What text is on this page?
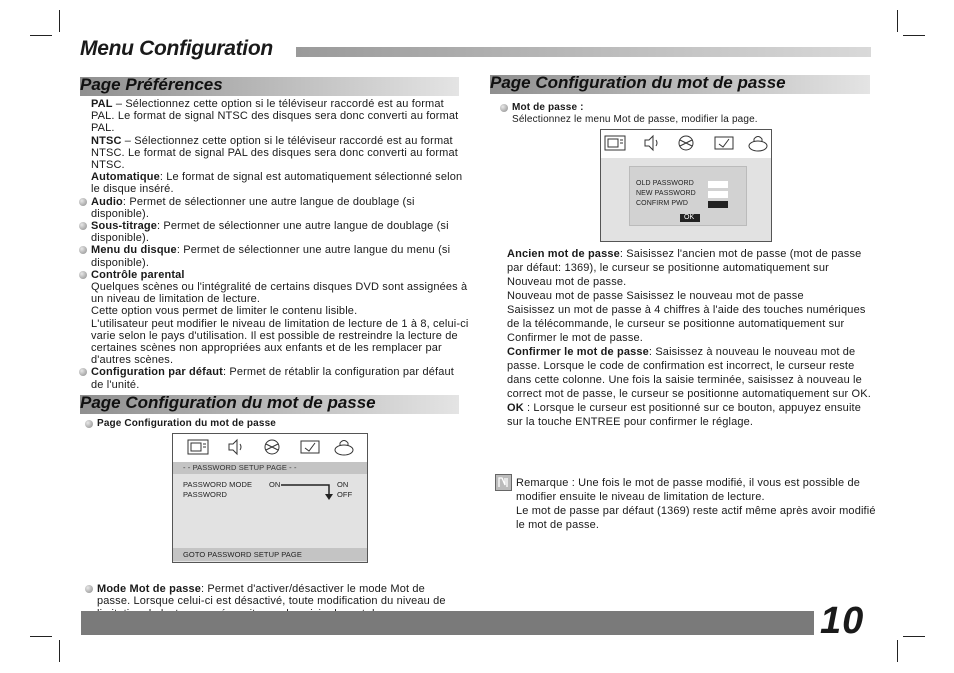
Menu Configuration
Page Préférences

PAL – Sélectionnez cette option si le téléviseur raccordé est au format PAL. Le format de signal NTSC des disques sera donc converti au format PAL.

NTSC – Sélectionnez cette option si le téléviseur raccordé est au format NTSC. Le format de signal PAL des disques sera donc converti au format NTSC.

Automatique: Le format de signal est automatiquement sélectionné selon le disque inséré.

Audio: Permet de sélectionner une autre langue de doublage (si disponible).

Sous-titrage: Permet de sélectionner une autre langue de doublage (si disponible).

Menu du disque: Permet de sélectionner une autre langue du menu (si disponible).

Contrôle parental

Quelques scènes ou l'intégralité de certains disques DVD sont assignées à un niveau de limitation de lecture.

Cette option vous permet de limiter le contenu lisible.

L'utilisateur peut modifier le niveau de limitation de lecture de 1 à 8, celui-ci varie selon le pays d'utilisation. Il est possible de restreindre la lecture de certaines scènes non appropriées aux enfants et de les remplacer par d'autres scènes.

Configuration par défaut: Permet de rétablir la configuration par défaut de l'unité.

Page Configuration du mot de passe
Page Configuration du mot de passe
- - PASSWORD SETUP PAGE - -
PASSWORD MODE ON	ON
PASSWORD	OFF
GOTO PASSWORD SETUP PAGE
Mode Mot de passe: Permet d'activer/désactiver le mode Mot de passe. Lorsque celui-ci est désactivé, toute modification du niveau de
Page Configuration du mot de passe

Mot de passe :

Sélectionnez le menu Mot de passe, modifier la page.

OLD PASSWORD
NEW PASSWORD
CONFIRM PWD
OK

Ancien mot de passe: Saisissez l'ancien mot de passe (mot de passe par défaut: 1369), le curseur se positionne automatiquement sur Nouveau mot de passe.

Nouveau mot de passe Saisissez le nouveau mot de passe

Saisissez un mot de passe à 4 chiffres à l'aide des touches numériques de la télécommande, le curseur se positionne automatiquement sur Confirmer le mot de passe.

Confirmer le mot de passe: Saisissez à nouveau le nouveau mot de passe. Lorsque le code de confirmation est incorrect, le curseur reste dans cette colonne. Une fois la saisie terminée, saisissez à nouveau le correct mot de passe, le curseur se positionne automatiquement sur OK.

OK : Lorsque le curseur est positionné sur ce bouton, appuyez ensuite sur la touche ENTREE pour confirmer le réglage.

Remarque : Une fois le mot de passe modifié, il vous est possible de modifier ensuite le niveau de limitation de lecture.

Le mot de passe par défaut (1369) reste actif même après avoir modifié le mot de passe.

10
